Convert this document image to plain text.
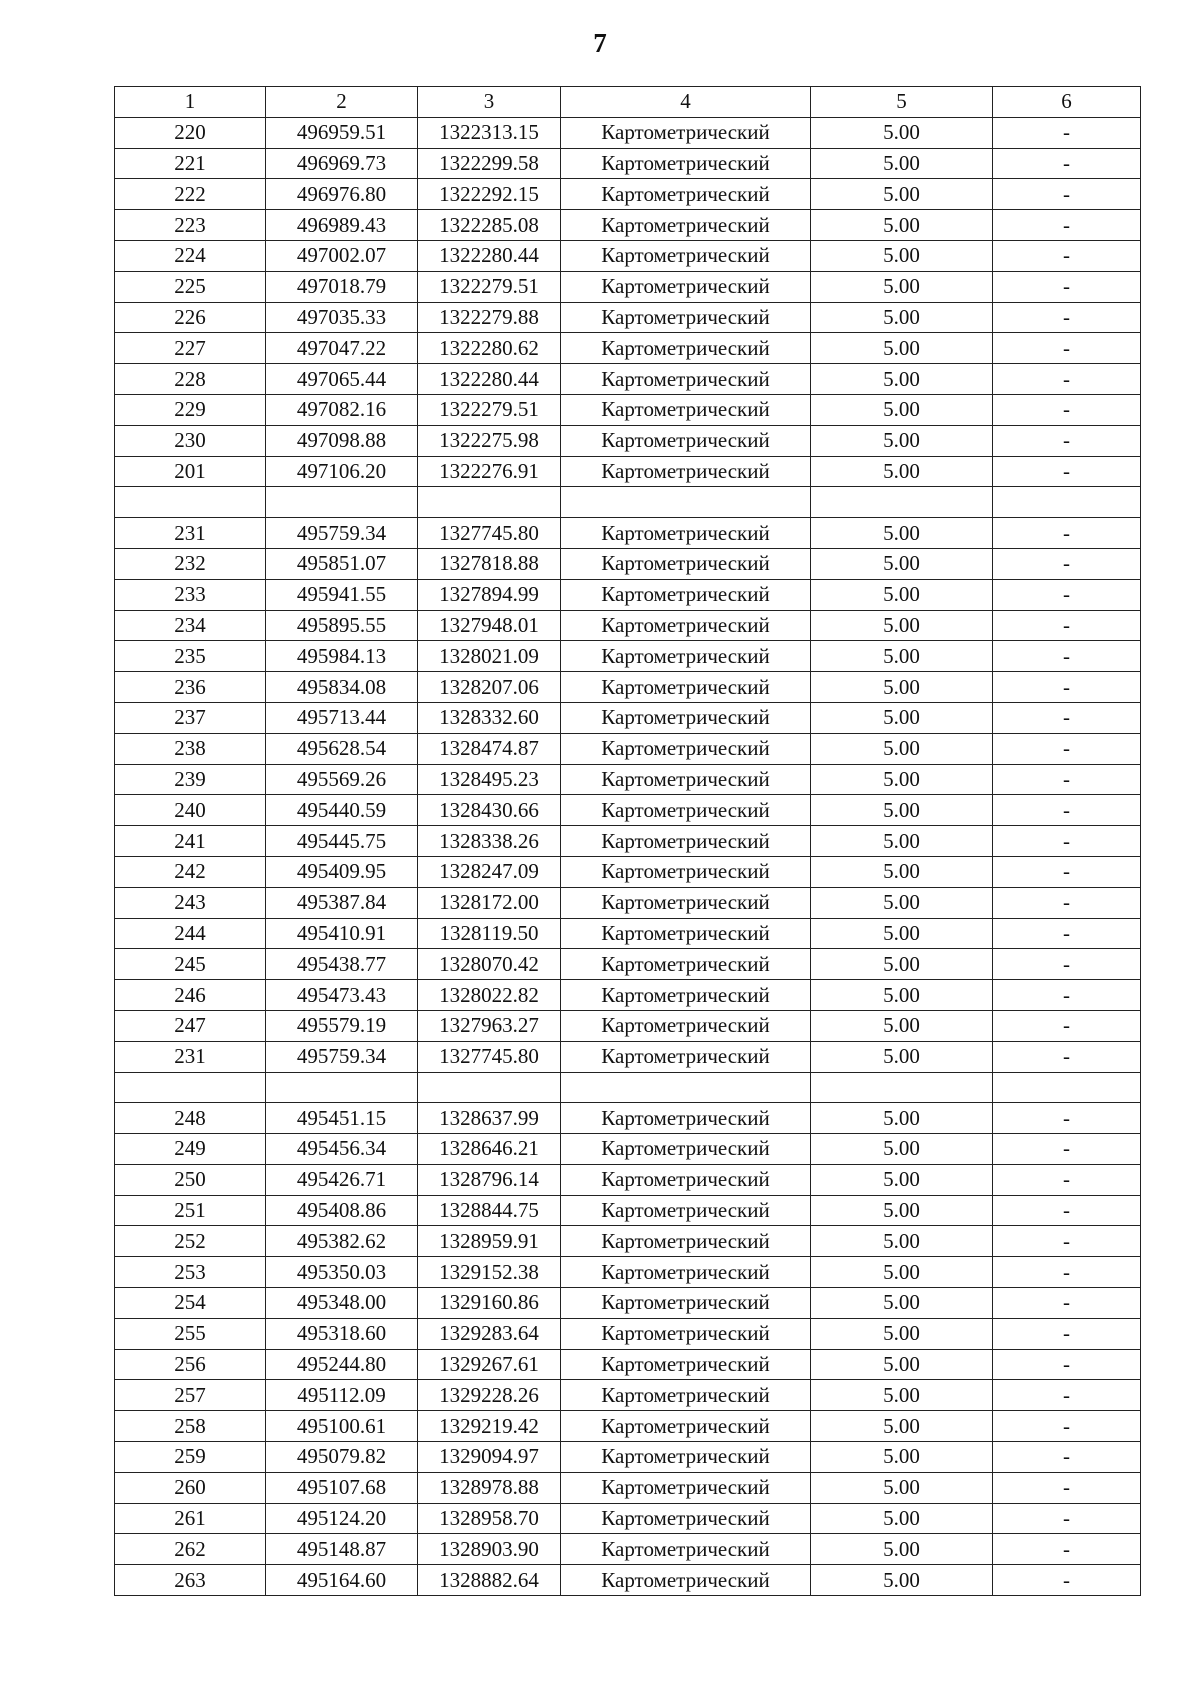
7
1	2	3	4	5	6
220	496959.51	1322313.15	Картометрический	5.00	-
221	496969.73	1322299.58	Картометрический	5.00	-
222	496976.80	1322292.15	Картометрический	5.00	-
223	496989.43	1322285.08	Картометрический	5.00	-
224	497002.07	1322280.44	Картометрический	5.00	-
225	497018.79	1322279.51	Картометрический	5.00	-
226	497035.33	1322279.88	Картометрический	5.00	-
227	497047.22	1322280.62	Картометрический	5.00	-
228	497065.44	1322280.44	Картометрический	5.00	-
229	497082.16	1322279.51	Картометрический	5.00	-
230	497098.88	1322275.98	Картометрический	5.00	-
201	497106.20	1322276.91	Картометрический	5.00	-

231	495759.34	1327745.80	Картометрический	5.00	-
232	495851.07	1327818.88	Картометрический	5.00	-
233	495941.55	1327894.99	Картометрический	5.00	-
234	495895.55	1327948.01	Картометрический	5.00	-
235	495984.13	1328021.09	Картометрический	5.00	-
236	495834.08	1328207.06	Картометрический	5.00	-
237	495713.44	1328332.60	Картометрический	5.00	-
238	495628.54	1328474.87	Картометрический	5.00	-
239	495569.26	1328495.23	Картометрический	5.00	-
240	495440.59	1328430.66	Картометрический	5.00	-
241	495445.75	1328338.26	Картометрический	5.00	-
242	495409.95	1328247.09	Картометрический	5.00	-
243	495387.84	1328172.00	Картометрический	5.00	-
244	495410.91	1328119.50	Картометрический	5.00	-
245	495438.77	1328070.42	Картометрический	5.00	-
246	495473.43	1328022.82	Картометрический	5.00	-
247	495579.19	1327963.27	Картометрический	5.00	-
231	495759.34	1327745.80	Картометрический	5.00	-

248	495451.15	1328637.99	Картометрический	5.00	-
249	495456.34	1328646.21	Картометрический	5.00	-
250	495426.71	1328796.14	Картометрический	5.00	-
251	495408.86	1328844.75	Картометрический	5.00	-
252	495382.62	1328959.91	Картометрический	5.00	-
253	495350.03	1329152.38	Картометрический	5.00	-
254	495348.00	1329160.86	Картометрический	5.00	-
255	495318.60	1329283.64	Картометрический	5.00	-
256	495244.80	1329267.61	Картометрический	5.00	-
257	495112.09	1329228.26	Картометрический	5.00	-
258	495100.61	1329219.42	Картометрический	5.00	-
259	495079.82	1329094.97	Картометрический	5.00	-
260	495107.68	1328978.88	Картометрический	5.00	-
261	495124.20	1328958.70	Картометрический	5.00	-
262	495148.87	1328903.90	Картометрический	5.00	-
263	495164.60	1328882.64	Картометрический	5.00	-
